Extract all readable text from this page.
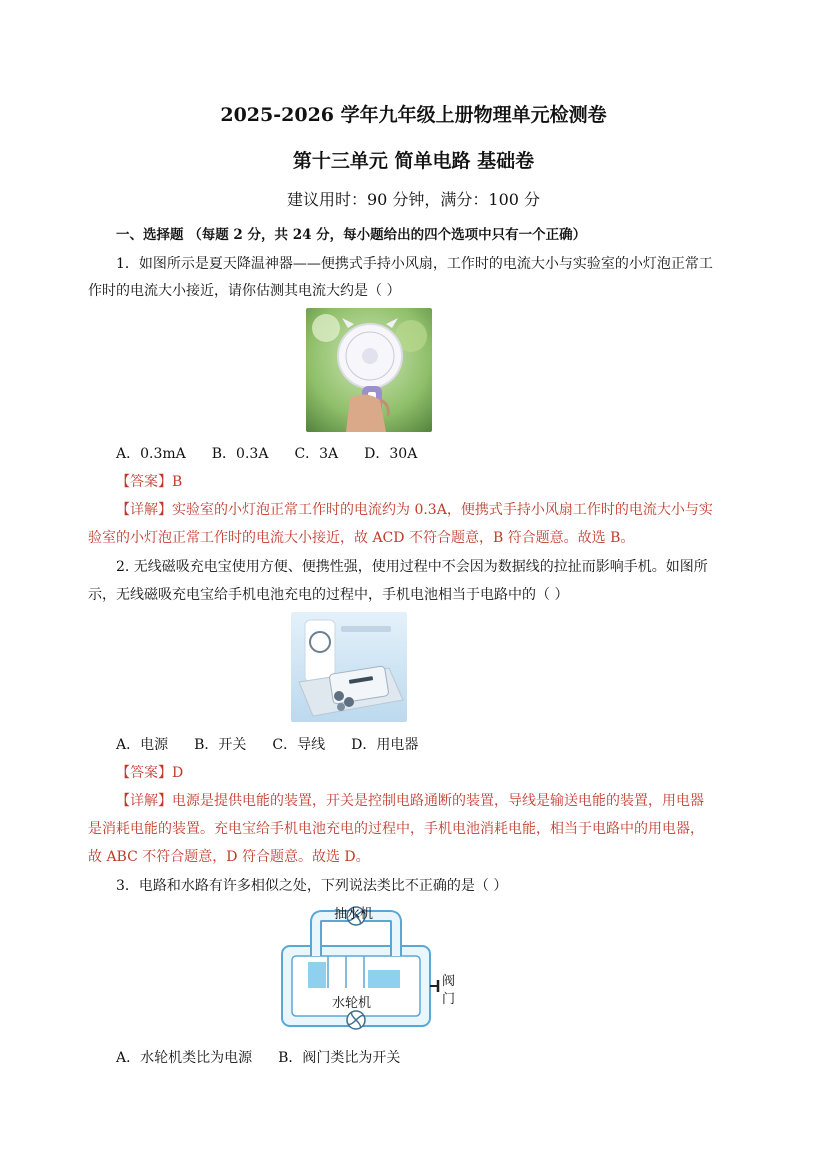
2025-2026 学年九年级上册物理单元检测卷
第十三单元 简单电路 基础卷
建议用时：90 分钟，满分：100 分
一、选择题 （每题 2 分，共 24 分，每小题给出的四个选项中只有一个正确）
1．如图所示是夏天降温神器——便携式手持小风扇，工作时的电流大小与实验室的小灯泡正常工
作时的电流大小接近，请你估测其电流大约是（ ）
A．0.3mA B．0.3A C．3A D．30A
【答案】B
【详解】实验室的小灯泡正常工作时的电流约为 0.3A，便携式手持小风扇工作时的电流大小与实
验室的小灯泡正常工作时的电流大小接近，故 ACD 不符合题意，B 符合题意。故选 B。
2. 无线磁吸充电宝使用方便、便携性强，使用过程中不会因为数据线的拉扯而影响手机。如图所
示，无线磁吸充电宝给手机电池充电的过程中，手机电池相当于电路中的（ ）
A．电源 B．开关 C．导线 D．用电器
【答案】D
【详解】电源是提供电能的装置，开关是控制电路通断的装置，导线是输送电能的装置，用电器
是消耗电能的装置。充电宝给手机电池充电的过程中，手机电池消耗电能，相当于电路中的用电器，
故 ABC 不符合题意，D 符合题意。故选 D。
3．电路和水路有许多相似之处，下列说法类比不正确的是（ ）
抽水机
水轮机
阀
门
A．水轮机类比为电源 B．阀门类比为开关
